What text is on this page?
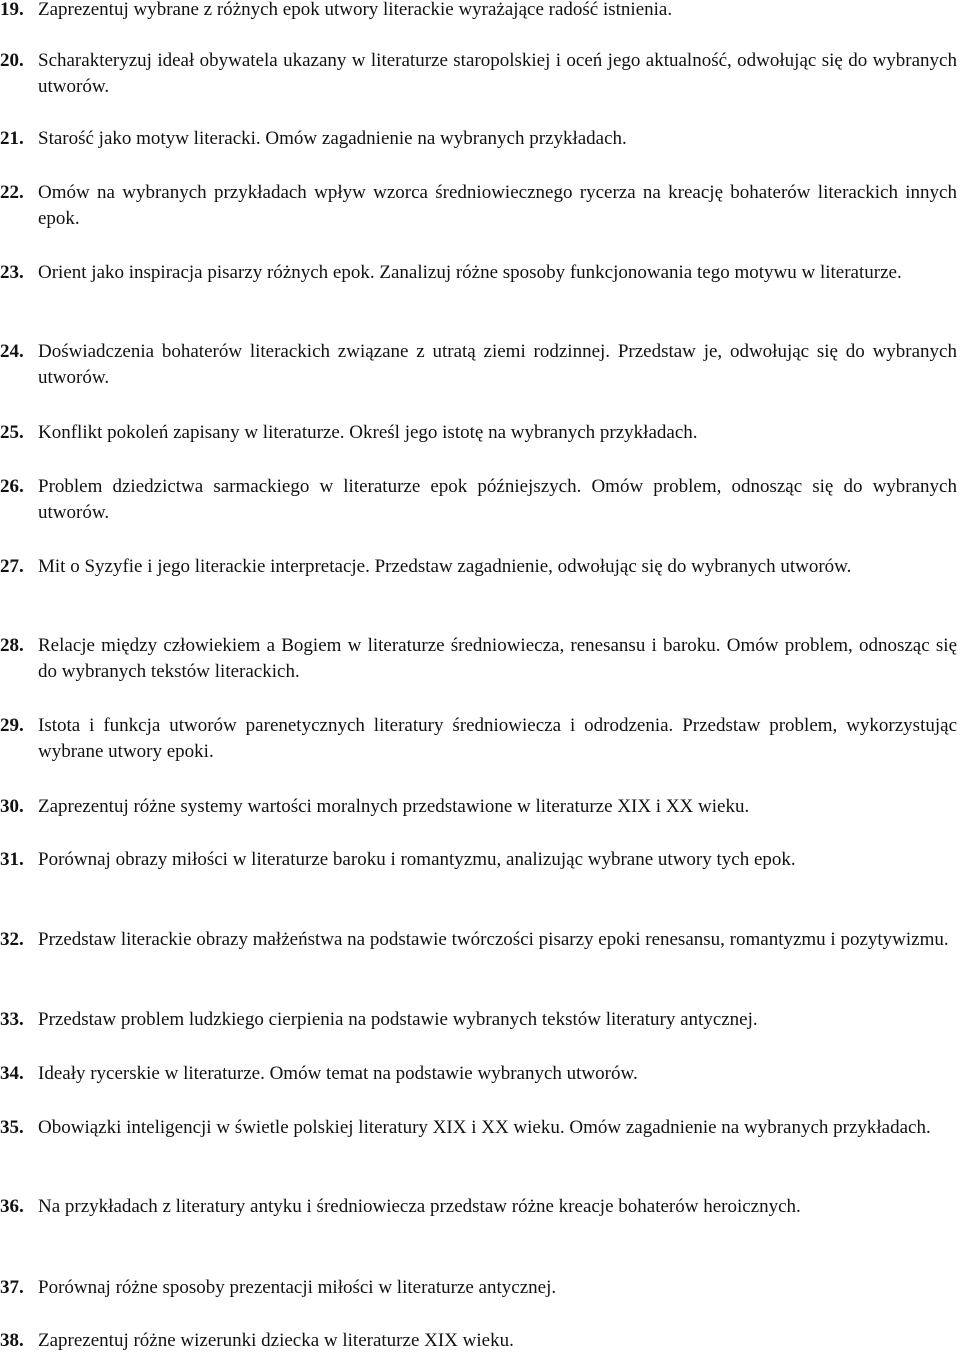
19. Zaprezentuj wybrane z różnych epok utwory literackie wyrażające radość istnienia.
20. Scharakteryzuj ideał obywatela ukazany w literaturze staropolskiej i oceń jego aktualność, odwołując się do wybranych utworów.
21. Starość jako motyw literacki. Omów zagadnienie na wybranych przykładach.
22. Omów na wybranych przykładach wpływ wzorca średniowiecznego rycerza na kreację bohaterów literackich innych epok.
23. Orient jako inspiracja pisarzy różnych epok. Zanalizuj różne sposoby funkcjonowania tego motywu w literaturze.
24. Doświadczenia bohaterów literackich związane z utratą ziemi rodzinnej. Przedstaw je, odwołując się do wybranych utworów.
25. Konflikt pokoleń zapisany w literaturze. Określ jego istotę na wybranych przykładach.
26. Problem dziedzictwa sarmackiego w literaturze epok późniejszych. Omów problem, odnosząc się do wybranych utworów.
27. Mit o Syzyfie i jego literackie interpretacje. Przedstaw zagadnienie, odwołując się do wybranych utworów.
28. Relacje między człowiekiem a Bogiem w literaturze średniowiecza, renesansu i baroku. Omów problem, odnosząc się do wybranych tekstów literackich.
29. Istota i funkcja utworów parenetycznych literatury średniowiecza i odrodzenia. Przedstaw problem, wykorzystując wybrane utwory epoki.
30. Zaprezentuj różne systemy wartości moralnych przedstawione w literaturze XIX i XX wieku.
31. Porównaj obrazy miłości w literaturze baroku i romantyzmu, analizując wybrane utwory tych epok.
32. Przedstaw literackie obrazy małżeństwa na podstawie twórczości pisarzy epoki renesansu, romantyzmu i pozytywizmu.
33. Przedstaw problem ludzkiego cierpienia na podstawie wybranych tekstów literatury antycznej.
34. Ideały rycerskie w literaturze. Omów temat na podstawie wybranych utworów.
35. Obowiązki inteligencji w świetle polskiej literatury XIX i XX wieku. Omów zagadnienie na wybranych przykładach.
36. Na przykładach z literatury antyku i średniowiecza przedstaw różne kreacje bohaterów heroicznych.
37. Porównaj różne sposoby prezentacji miłości w literaturze antycznej.
38. Zaprezentuj różne wizerunki dziecka w literaturze XIX wieku.
